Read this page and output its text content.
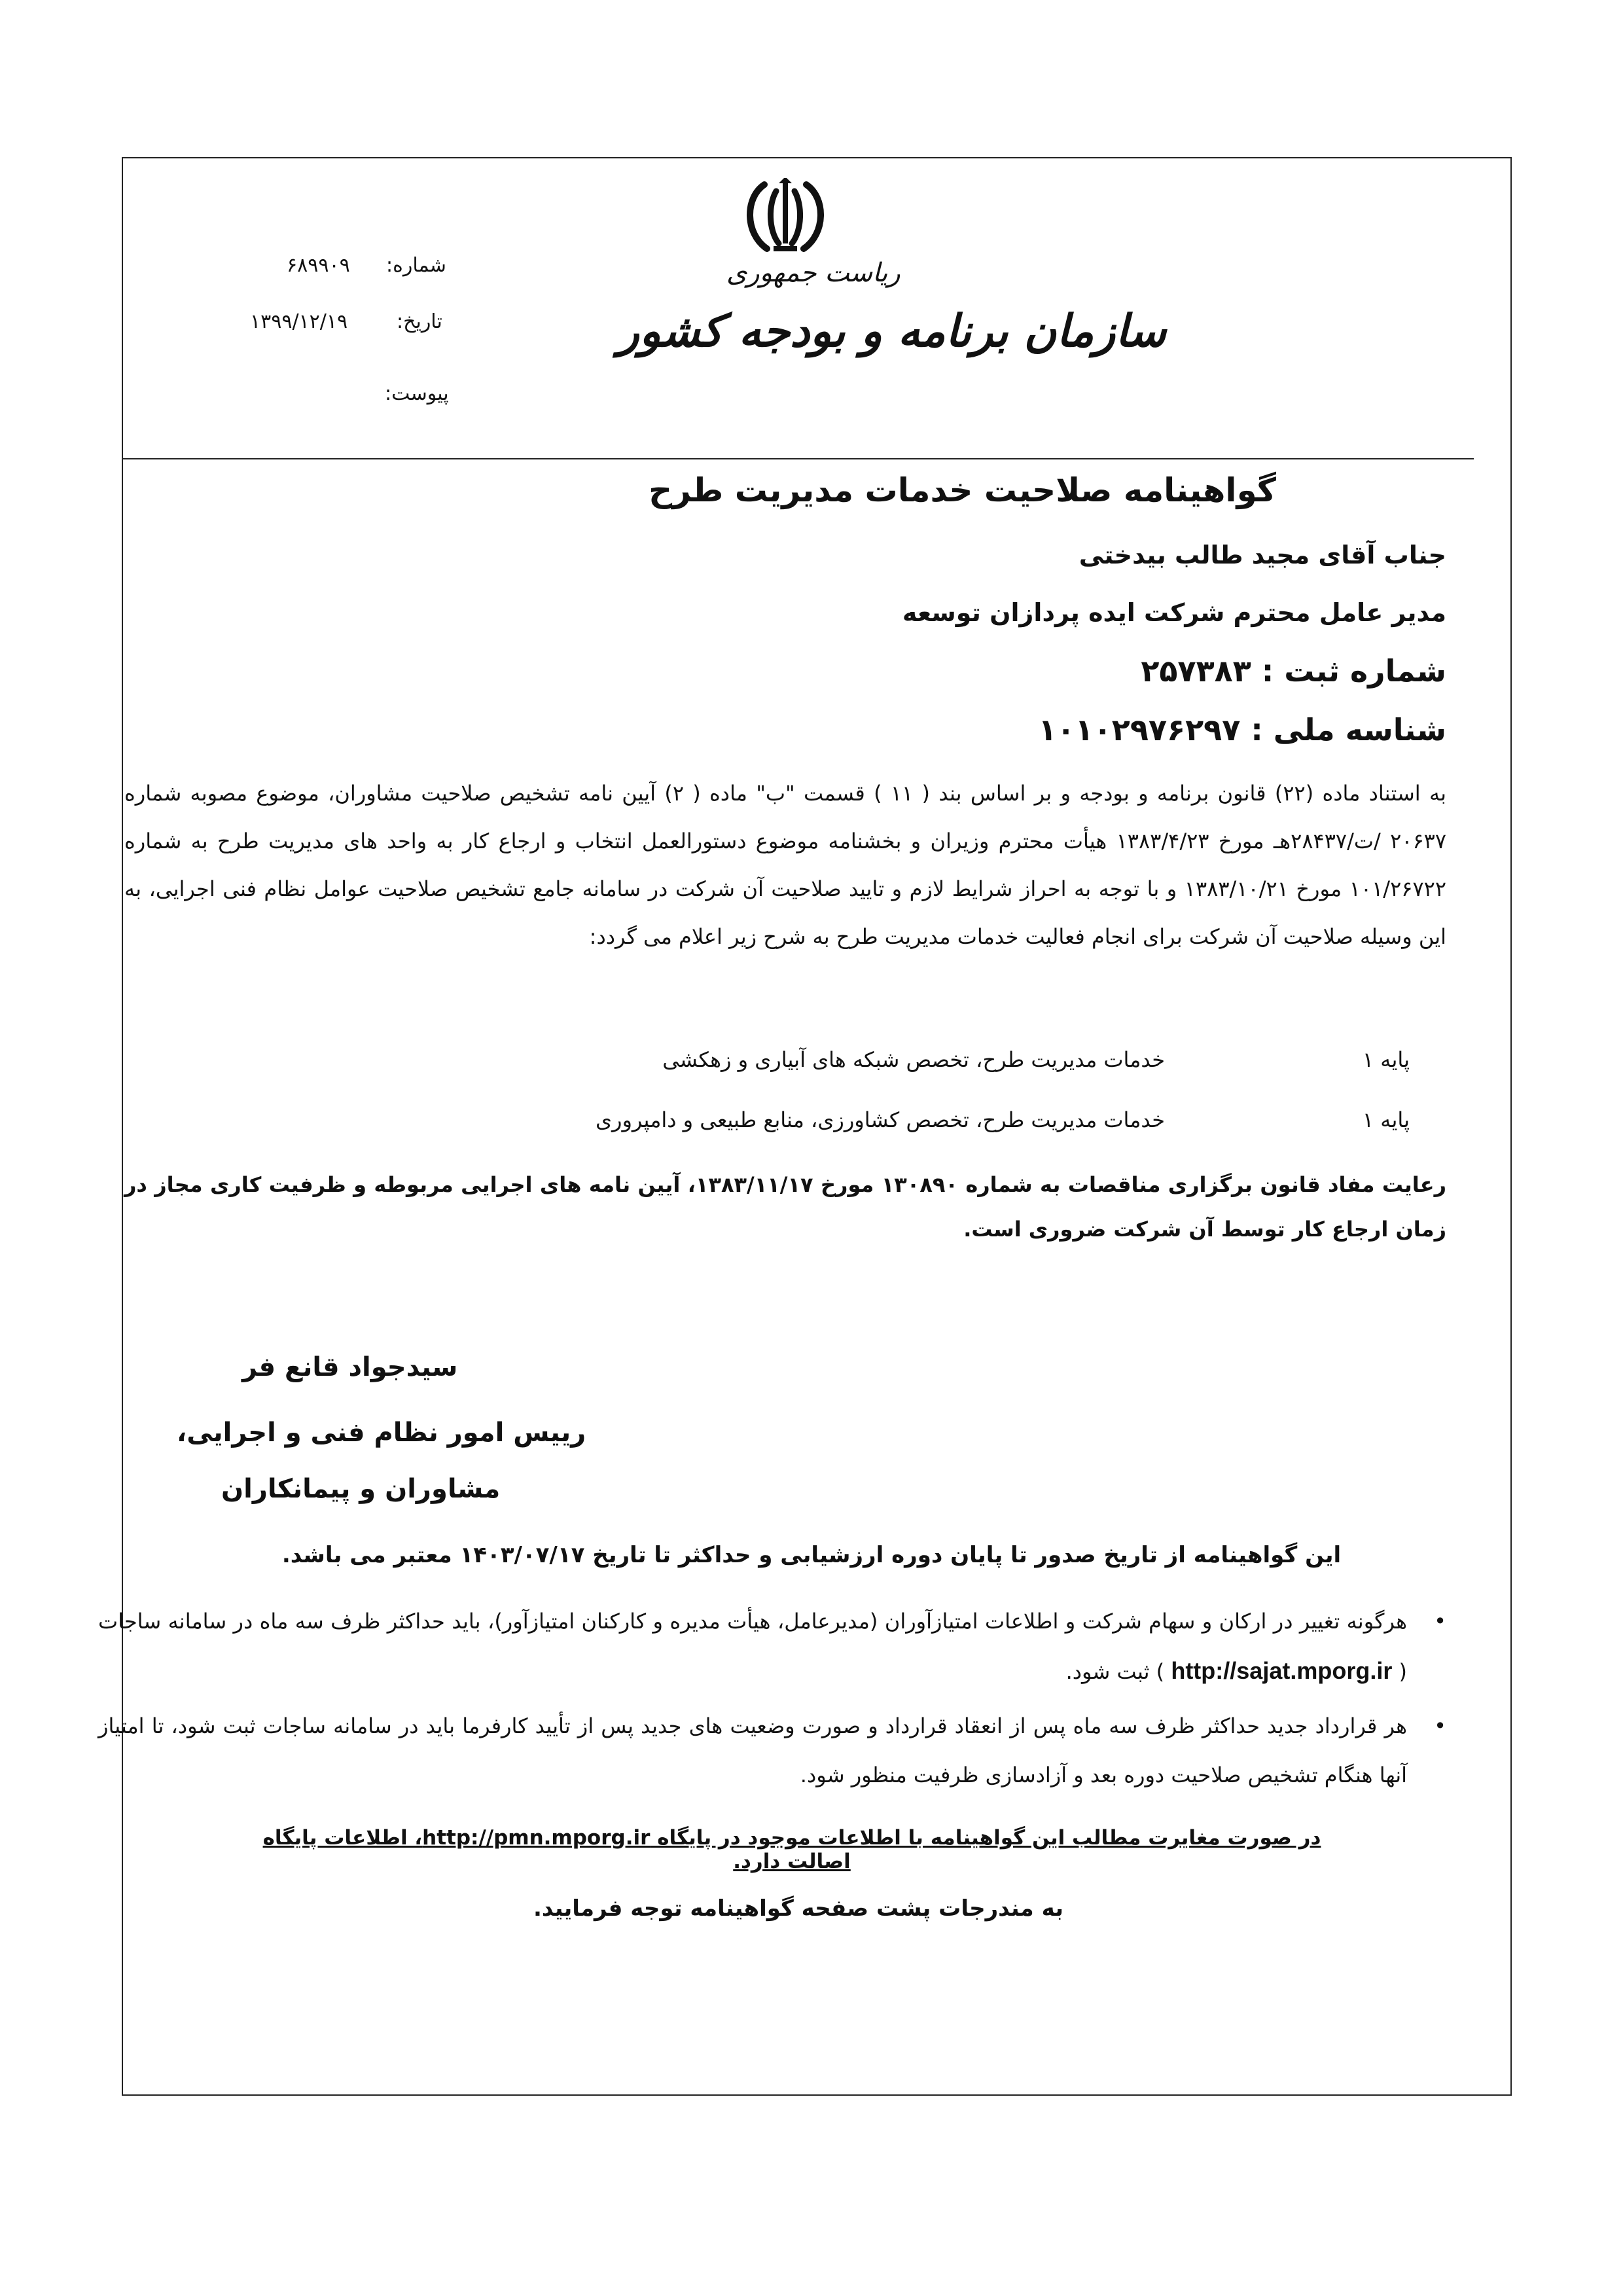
ریاست جمهوری
سازمان برنامه و بودجه کشور
شماره:
۶۸۹۹۰۹
تاریخ:
۱۳۹۹/۱۲/۱۹
پیوست:
گواهینامه صلاحیت خدمات مدیریت طرح
جناب آقای مجید طالب بیدختی
مدیر عامل محترم شرکت ایده پردازان توسعه
شماره ثبت : ۲۵۷۳۸۳
شناسه ملی : ۱۰۱۰۲۹۷۶۲۹۷
به استناد ماده (۲۲) قانون برنامه و بودجه و بر اساس بند ( ۱۱ ) قسمت "ب" ماده ( ۲) آیین نامه تشخیص صلاحیت مشاوران، موضوع مصوبه شماره ۲۰۶۳۷ /ت/۲۸۴۳۷هـ مورخ ۱۳۸۳/۴/۲۳ هیأت محترم وزیران و بخشنامه موضوع دستورالعمل انتخاب و ارجاع کار به واحد های مدیریت طرح به شماره ۱۰۱/۲۶۷۲۲ مورخ ۱۳۸۳/۱۰/۲۱ و با توجه به احراز شرایط لازم و تایید صلاحیت آن شرکت در سامانه جامع تشخیص صلاحیت عوامل نظام فنی اجرایی، به این وسیله صلاحیت آن شرکت برای انجام فعالیت خدمات مدیریت طرح به شرح زیر اعلام می گردد:
پایه ۱
خدمات مدیریت طرح، تخصص شبکه های آبیاری و زهکشی
پایه ۱
خدمات مدیریت طرح، تخصص کشاورزی، منابع طبیعی و دامپروری
رعایت مفاد قانون برگزاری مناقصات به شماره ۱۳۰۸۹۰ مورخ ۱۳۸۳/۱۱/۱۷، آیین نامه های اجرایی مربوطه و ظرفیت کاری مجاز در زمان ارجاع کار توسط آن شرکت ضروری است.
سیدجواد قانع فر
رییس امور نظام فنی و اجرایی،
مشاوران و پیمانکاران
این گواهینامه از تاریخ صدور تا پایان دوره ارزشیابی و حداکثر تا تاریخ ۱۴۰۳/۰۷/۱۷ معتبر می باشد.
•
هرگونه تغییر در ارکان و سهام شرکت و اطلاعات امتیازآوران (مدیرعامل، هیأت مدیره و کارکنان امتیازآور)، باید حداکثر ظرف سه ماه در سامانه ساجات ( http://sajat.mporg.ir ) ثبت شود.
•
هر قرارداد جدید حداکثر ظرف سه ماه پس از انعقاد قرارداد و صورت وضعیت های جدید پس از تأیید کارفرما باید در سامانه ساجات ثبت شود، تا امتیاز آنها هنگام تشخیص صلاحیت دوره بعد و آزادسازی ظرفیت منظور شود.
در صورت مغایرت مطالب این گواهینامه با اطلاعات موجود در پایگاه http://pmn.mporg.ir، اطلاعات پایگاه اصالت دارد.
به مندرجات پشت صفحه گواهینامه توجه فرمایید.
